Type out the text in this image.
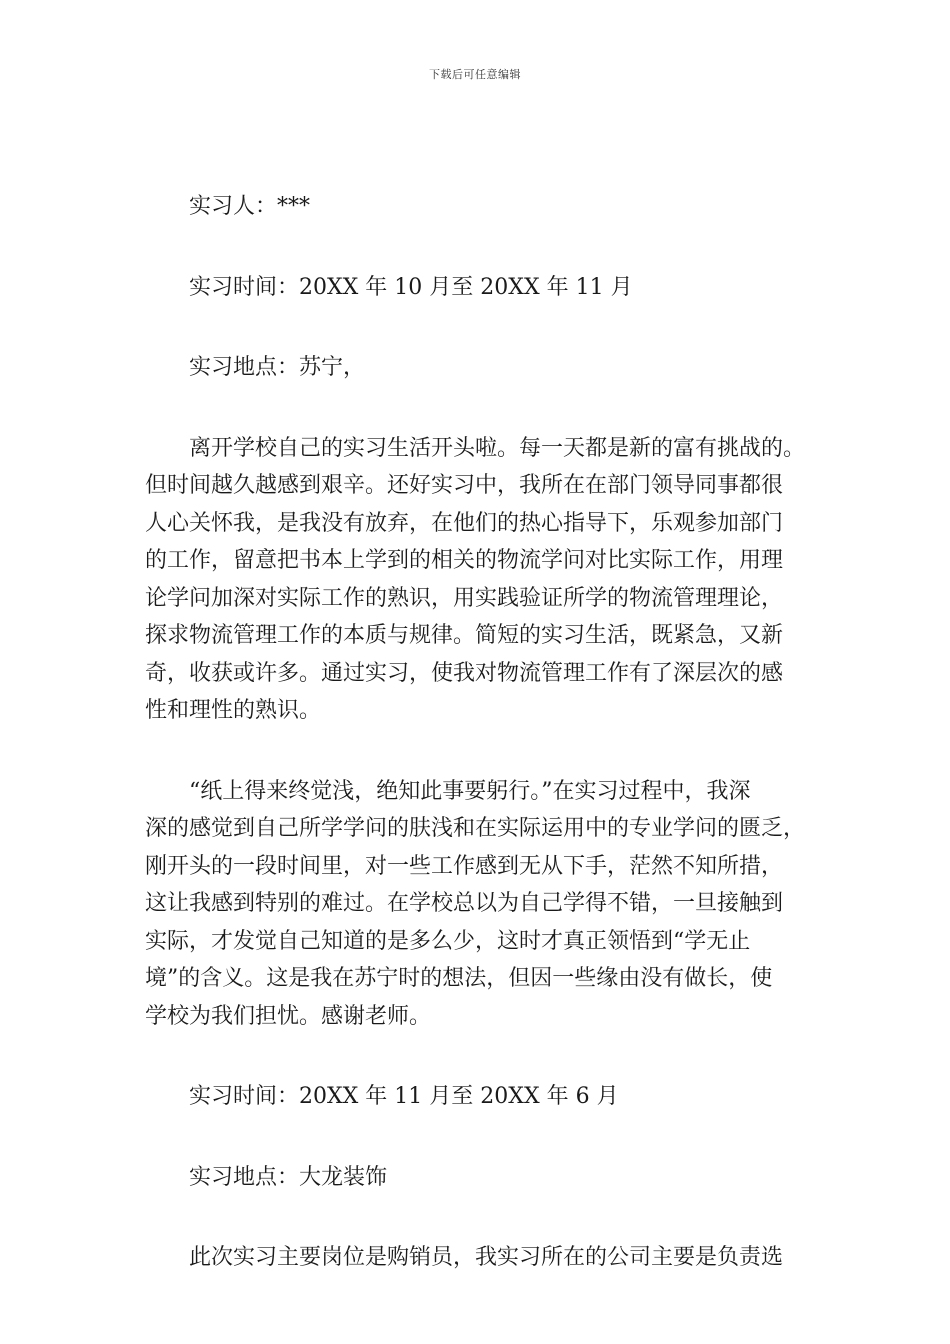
下载后可任意编辑

实习人：***

实习时间：20XX 年 10 月至 20XX 年 11 月

实习地点：苏宁，

离开学校自己的实习生活开头啦。每一天都是新的富有挑战的。
但时间越久越感到艰辛。还好实习中，我所在在部门领导同事都很
人心关怀我，是我没有放弃，在他们的热心指导下，乐观参加部门
的工作，留意把书本上学到的相关的物流学问对比实际工作，用理
论学问加深对实际工作的熟识，用实践验证所学的物流管理理论，
探求物流管理工作的本质与规律。简短的实习生活，既紧急，又新
奇，收获或许多。通过实习，使我对物流管理工作有了深层次的感
性和理性的熟识。
“纸上得来终觉浅，绝知此事要躬行。”在实习过程中，我深
深的感觉到自己所学学问的肤浅和在实际运用中的专业学问的匮乏，
刚开头的一段时间里，对一些工作感到无从下手，茫然不知所措，
这让我感到特别的难过。在学校总以为自己学得不错，一旦接触到
实际，才发觉自己知道的是多么少，这时才真正领悟到“学无止
境”的含义。这是我在苏宁时的想法，但因一些缘由没有做长，使
学校为我们担忧。感谢老师。

实习时间：20XX 年 11 月至 20XX 年 6 月

实习地点：大龙装饰

此次实习主要岗位是购销员，我实习所在的公司主要是负责选
